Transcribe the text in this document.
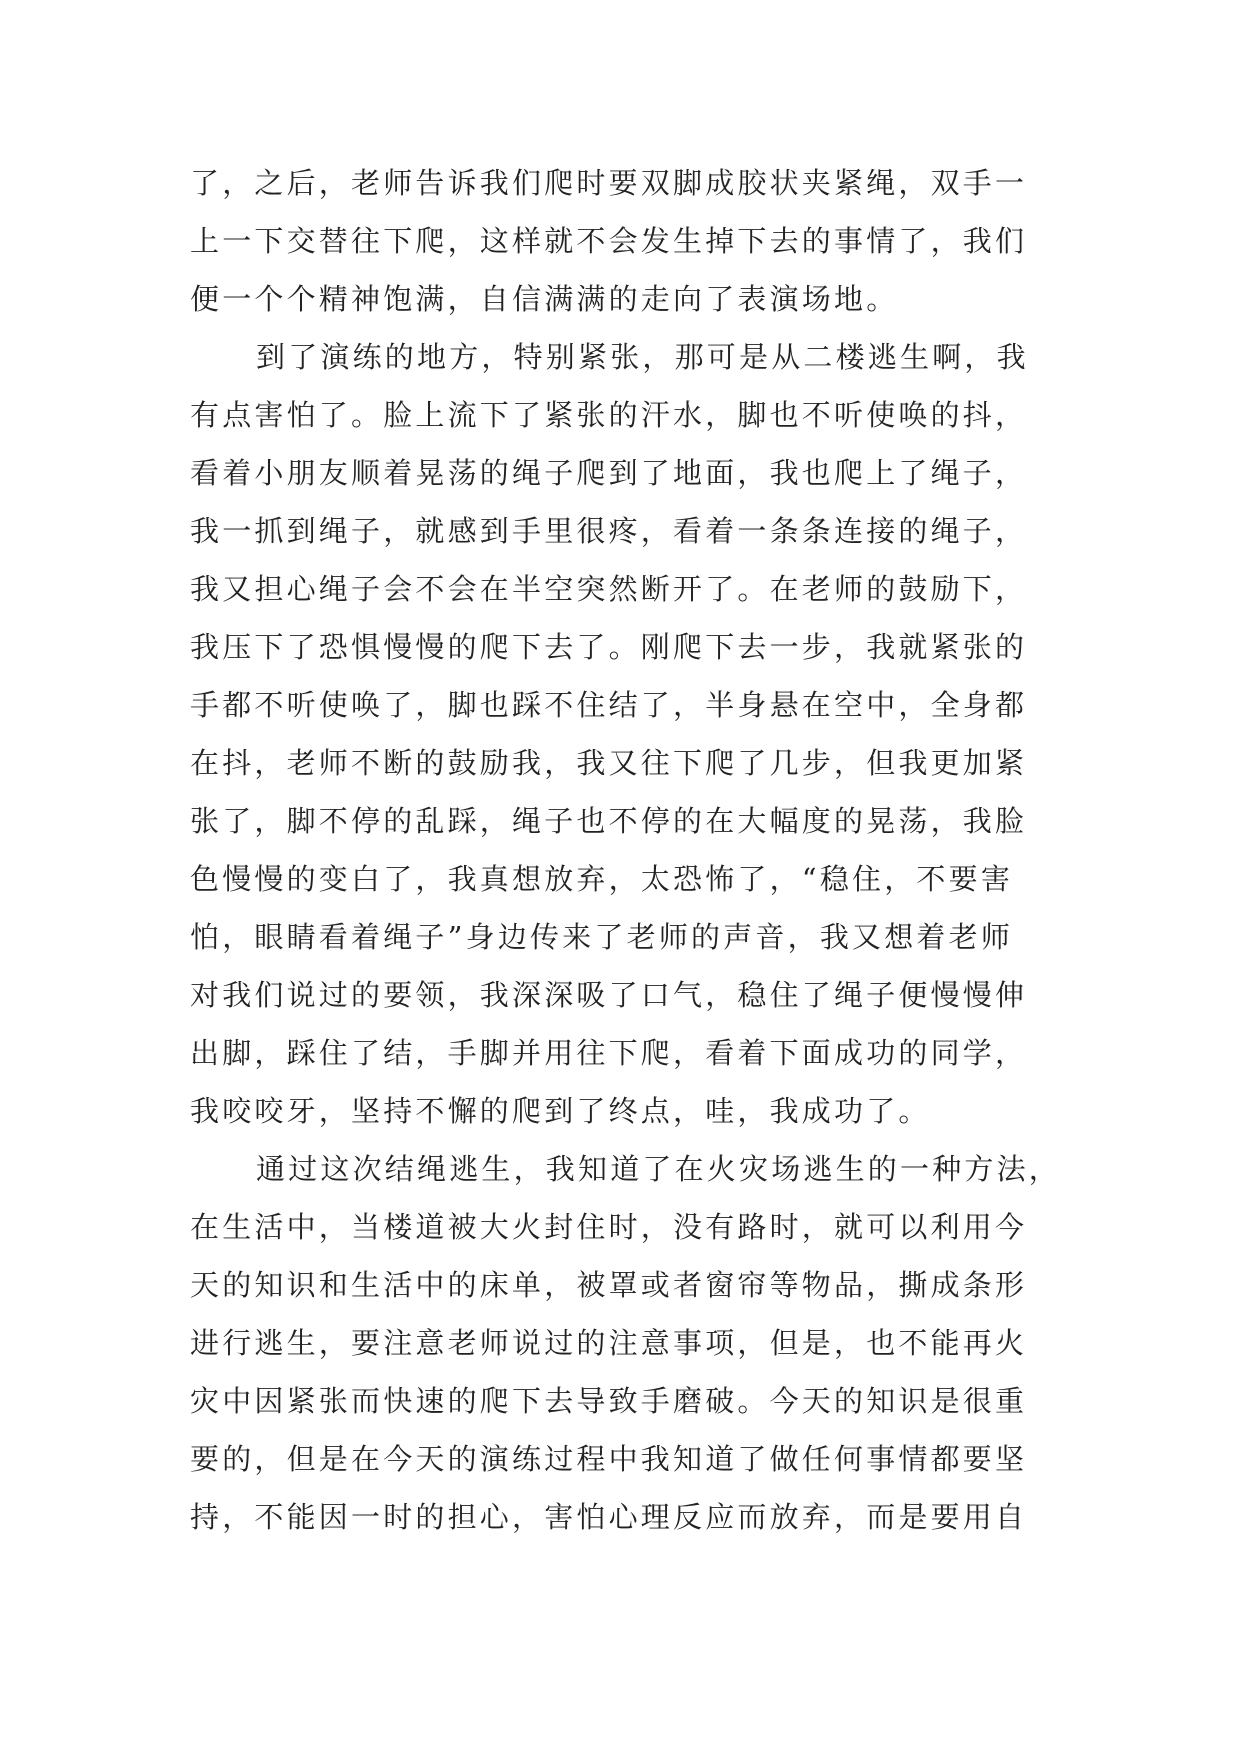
了，之后，老师告诉我们爬时要双脚成胶状夹紧绳，双手一
上一下交替往下爬，这样就不会发生掉下去的事情了，我们
便一个个精神饱满，自信满满的走向了表演场地。
到了演练的地方，特别紧张，那可是从二楼逃生啊，我
有点害怕了。脸上流下了紧张的汗水，脚也不听使唤的抖，
看着小朋友顺着晃荡的绳子爬到了地面，我也爬上了绳子，
我一抓到绳子，就感到手里很疼，看着一条条连接的绳子，
我又担心绳子会不会在半空突然断开了。在老师的鼓励下，
我压下了恐惧慢慢的爬下去了。刚爬下去一步，我就紧张的
手都不听使唤了，脚也踩不住结了，半身悬在空中，全身都
在抖，老师不断的鼓励我，我又往下爬了几步，但我更加紧
张了，脚不停的乱踩，绳子也不停的在大幅度的晃荡，我脸
色慢慢的变白了，我真想放弃，太恐怖了，“稳住，不要害
怕，眼睛看着绳子”身边传来了老师的声音，我又想着老师
对我们说过的要领，我深深吸了口气，稳住了绳子便慢慢伸
出脚，踩住了结，手脚并用往下爬，看着下面成功的同学，
我咬咬牙，坚持不懈的爬到了终点，哇，我成功了。
通过这次结绳逃生，我知道了在火灾场逃生的一种方法，
在生活中，当楼道被大火封住时，没有路时，就可以利用今
天的知识和生活中的床单，被罩或者窗帘等物品，撕成条形
进行逃生，要注意老师说过的注意事项，但是，也不能再火
灾中因紧张而快速的爬下去导致手磨破。今天的知识是很重
要的，但是在今天的演练过程中我知道了做任何事情都要坚
持，不能因一时的担心，害怕心理反应而放弃，而是要用自
